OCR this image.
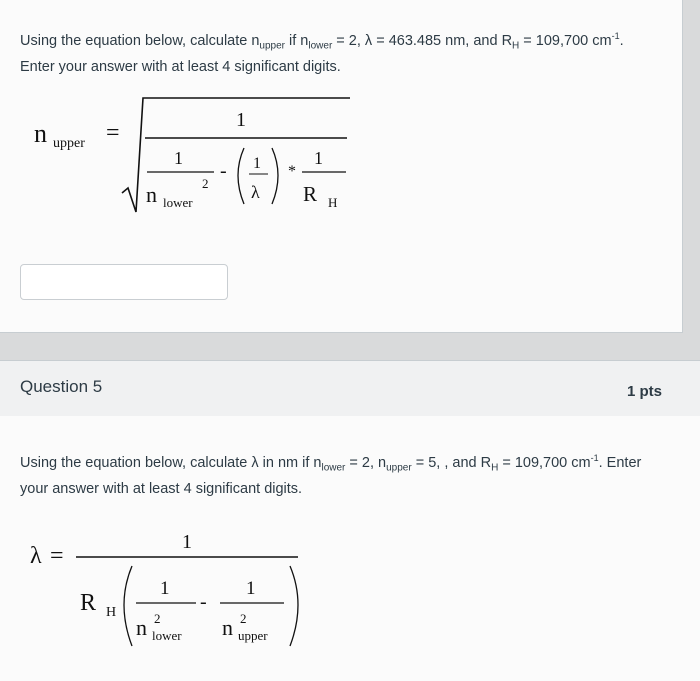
Using the equation below, calculate $n_{upper}$ if $n_{lower} = 2$, λ = 463.485 nm, and $R_H = 109,700$ $cm^{-1}$.
Enter your answer with at least 4 significant digits.
n upper =	1
1
n lower
2
- 1
λ
*
1
R H
Question 5	1 pts
Using the equation below, calculate λ in nm if $n_{lower} = 2$, $n_{upper} = 5$, , and $R_H = 109,700$ $cm^{-1}$. Enter
your answer with at least 4 significant digits.
λ =
1
R H
1
n 2
lower
-
1
n 2
upper
